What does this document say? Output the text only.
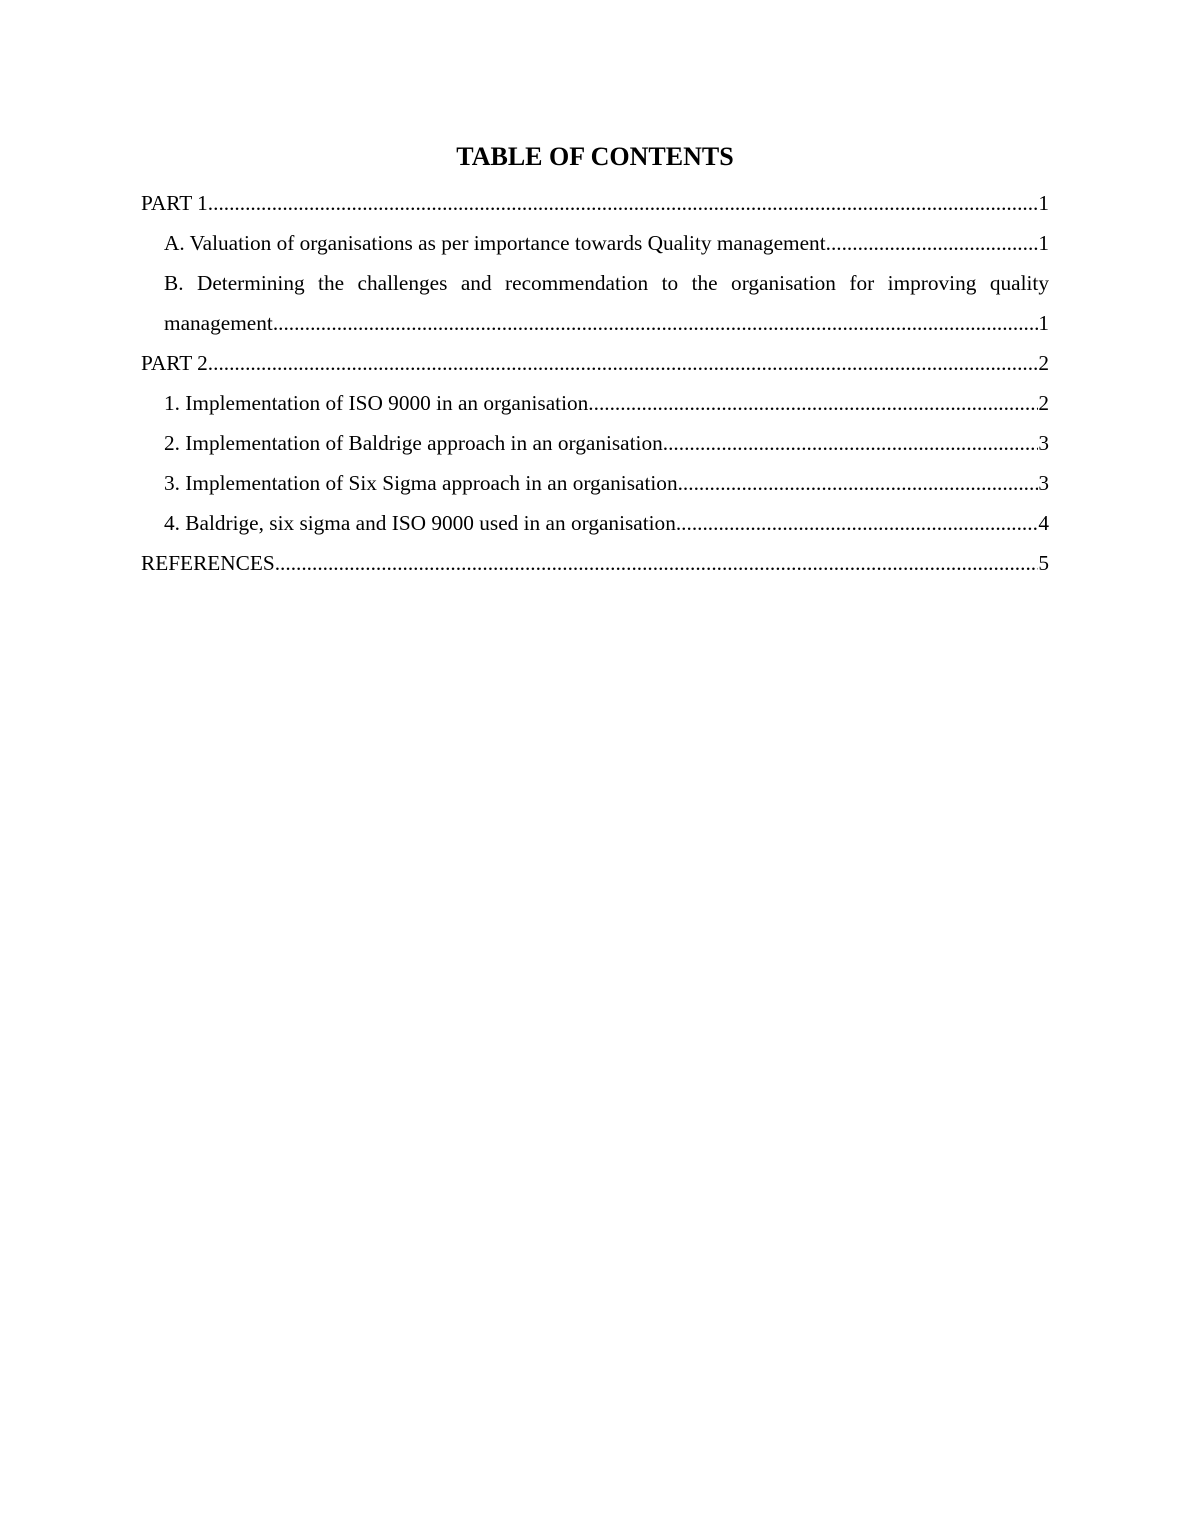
TABLE OF CONTENTS
PART 1 .....	1
A. Valuation of organisations as per importance towards Quality management .....	1
B. Determining the challenges and recommendation to the organisation for improving quality
management .....	1
PART 2 .....	2
1. Implementation of ISO 9000 in an organisation .....	2
2. Implementation of Baldrige approach in an organisation .....	3
3. Implementation of Six Sigma approach in an organisation .....	3
4. Baldrige, six sigma and ISO 9000 used in an organisation .....	4
REFERENCES .....	5
